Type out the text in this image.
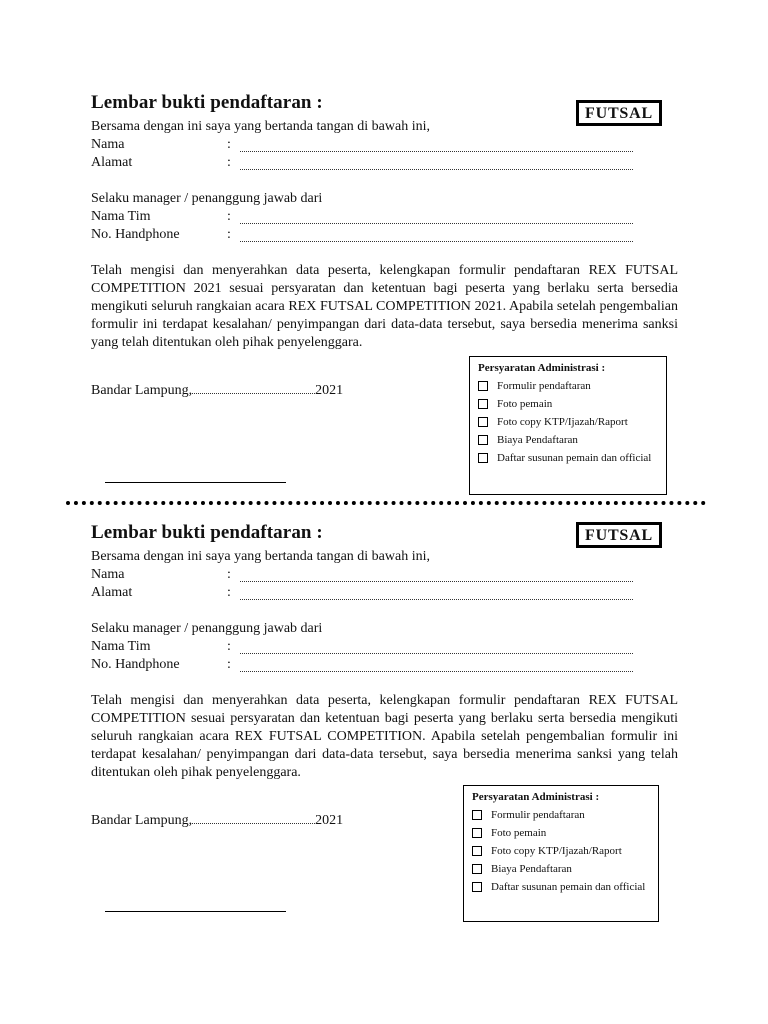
Lembar bukti pendaftaran :
FUTSAL
Bersama dengan ini saya yang bertanda tangan di bawah ini,
Nama	:
Alamat	:
Selaku manager / penanggung jawab dari
Nama Tim	:
No. Handphone	:
Telah mengisi dan menyerahkan data peserta, kelengkapan formulir pendaftaran REX FUTSAL COMPETITION 2021 sesuai persyaratan dan ketentuan bagi peserta yang berlaku serta bersedia mengikuti seluruh rangkaian acara REX FUTSAL COMPETITION 2021. Apabila setelah pengembalian formulir ini terdapat kesalahan/ penyimpangan dari data-data tersebut, saya bersedia menerima sanksi yang telah ditentukan oleh pihak penyelenggara.
Bandar Lampung,	2021
Persyaratan Administrasi :
Formulir pendaftaran
Foto pemain
Foto copy KTP/Ijazah/Raport
Biaya Pendaftaran
Daftar susunan pemain dan official
Lembar bukti pendaftaran :	FUTSAL
Bersama dengan ini saya yang bertanda tangan di bawah ini,
Nama	:
Alamat	:
Selaku manager / penanggung jawab dari
Nama Tim	:
No. Handphone	:
Telah mengisi dan menyerahkan data peserta, kelengkapan formulir pendaftaran REX FUTSAL COMPETITION sesuai persyaratan dan ketentuan bagi peserta yang berlaku serta bersedia mengikuti seluruh rangkaian acara REX FUTSAL COMPETITION. Apabila setelah pengembalian formulir ini terdapat kesalahan/ penyimpangan dari data-data tersebut, saya bersedia menerima sanksi yang telah ditentukan oleh pihak penyelenggara.
Bandar Lampung,	2021
Persyaratan Administrasi :
Formulir pendaftaran
Foto pemain
Foto copy KTP/Ijazah/Raport
Biaya Pendaftaran
Daftar susunan pemain dan official
